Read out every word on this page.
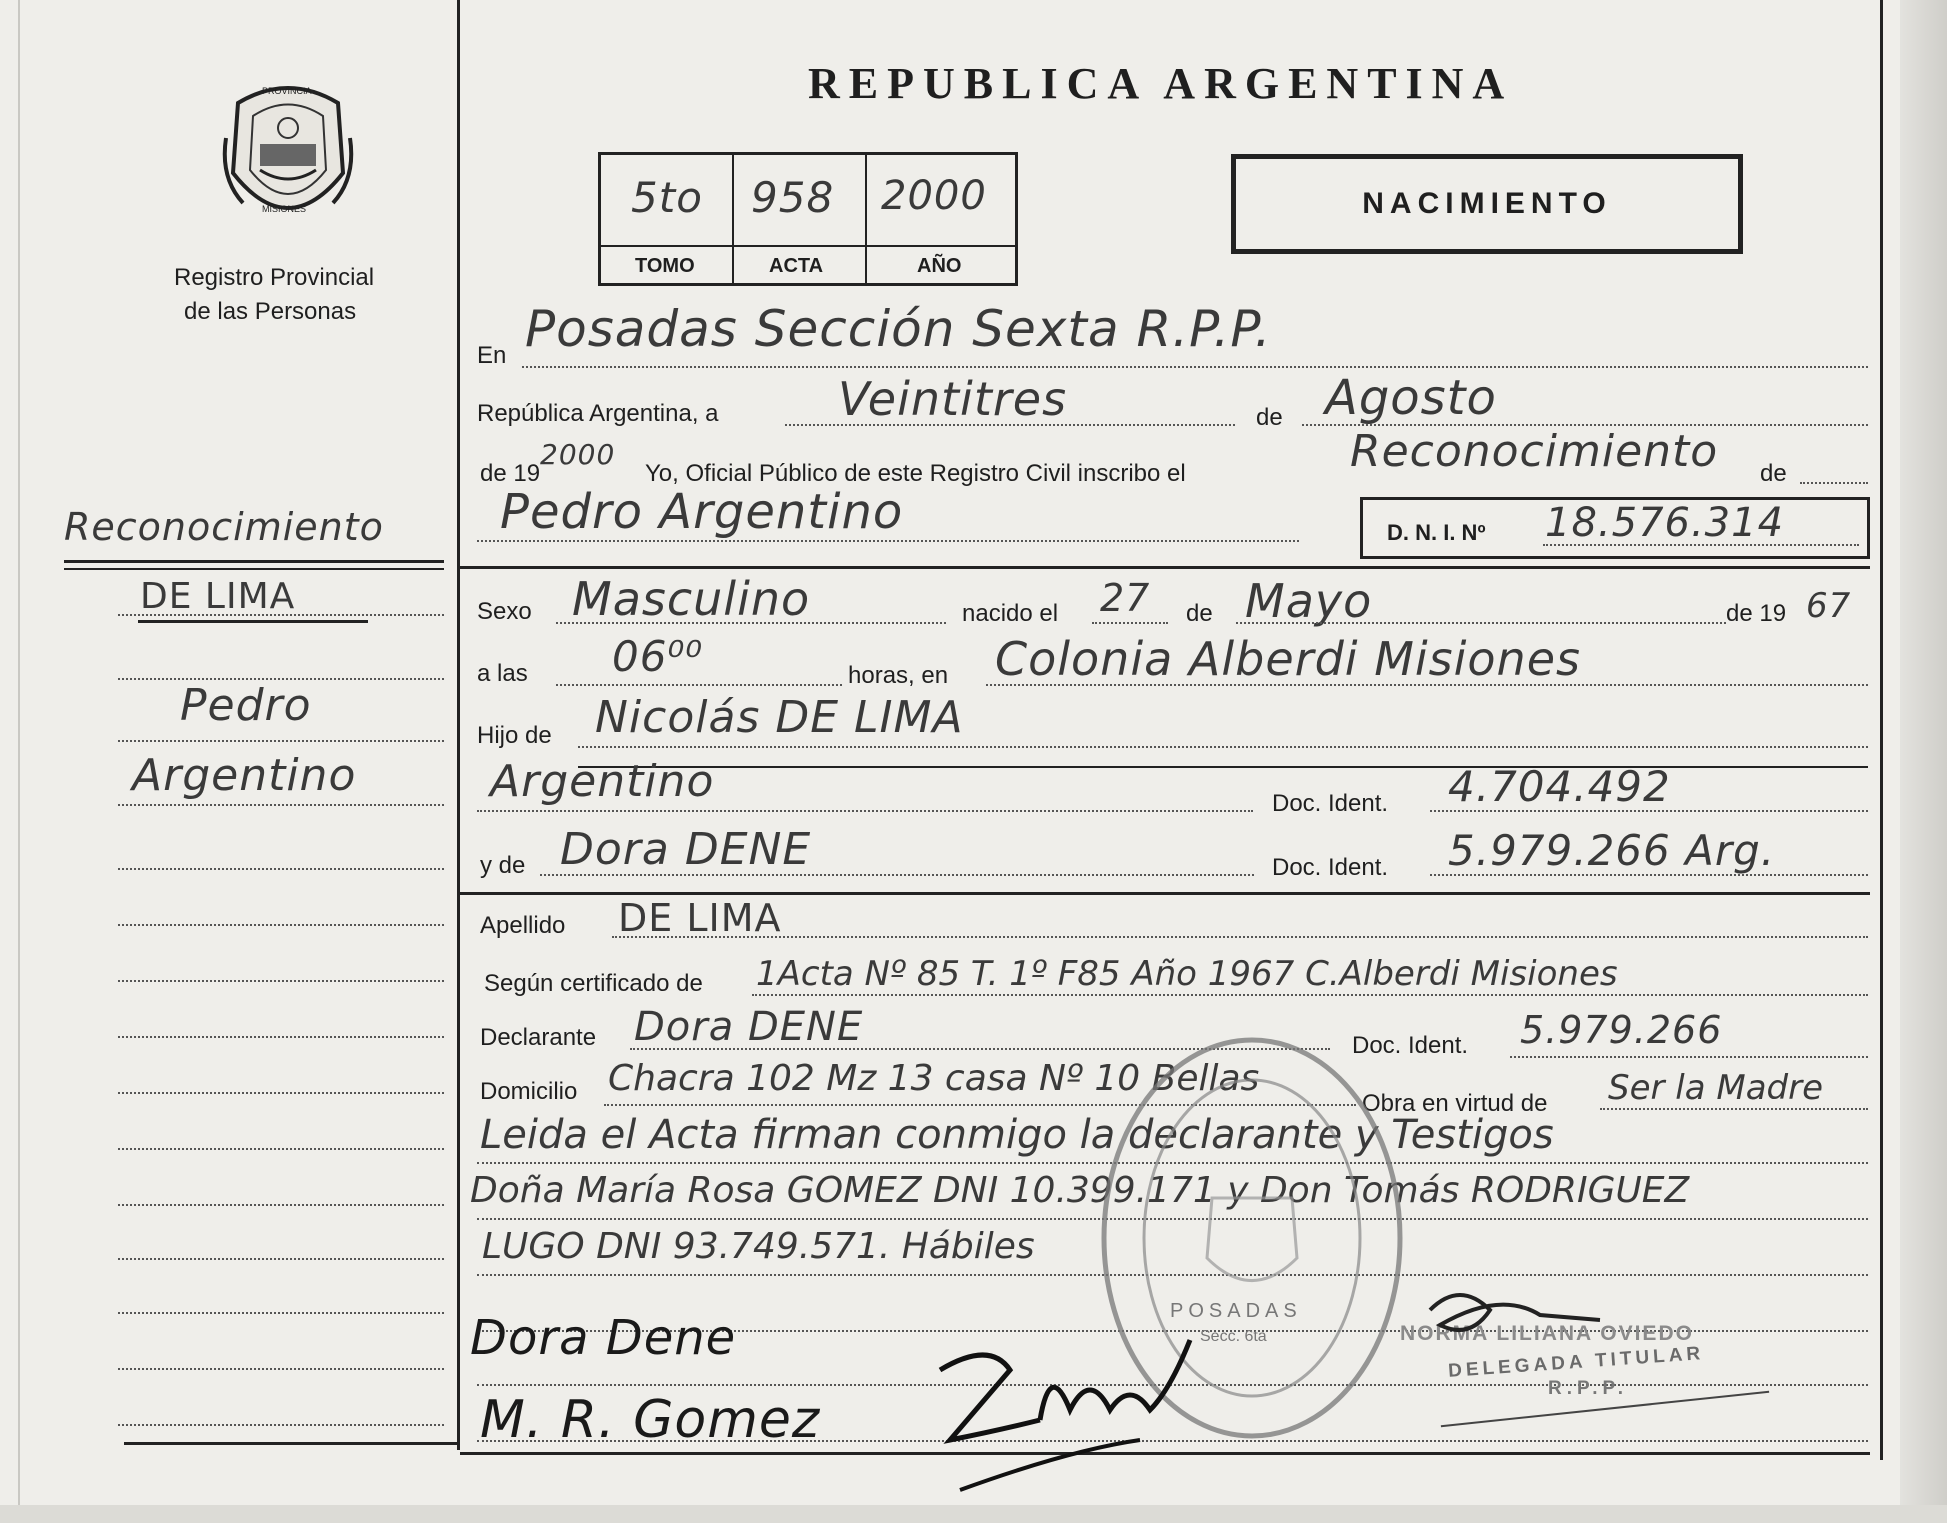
PROVINCIA
MISIONES
Registro Provincial
de las Personas
REPUBLICA ARGENTINA
5to 958 2000
TOMO	ACTA	AÑO
NACIMIENTO
Reconocimiento
DE LIMA
Pedro
Argentino
En Posadas Sección Sexta R.P.P.
República Argentina, a	Veintitres	de Agosto
de 19
2000
Yo, Oficial Público de este Registro Civil inscribo el	Reconocimiento de
Pedro Argentino	D. N. I. Nº 18.576.314
Sexo Masculino	nacido el 27 de Mayo	de 19 67
a las 06⁰⁰	horas, en Colonia Alberdi Misiones
Hijo de Nicolás DE LIMA
Argentino	Doc. Ident. 4.704.492
y de Dora DENE	Doc. Ident. 5.979.266 Arg.
Apellido DE LIMA
Según certificado de 1Acta Nº 85 T. 1º F85 Año 1967 C.Alberdi Misiones
Declarante Dora DENE	Doc. Ident. 5.979.266
Domicilio Chacra 102 Mz 13 casa Nº 10 Bellas
Obra en virtud de Ser la Madre
Leida el Acta firman conmigo la declarante y Testigos
Doña María Rosa GOMEZ DNI 10.399.171 y Don Tomás RODRIGUEZ
LUGO DNI 93.749.571. Hábiles
POSADAS
Secc. 6ta	NORMA LILIANA OVIEDO
DELEGADA TITULAR
R.P.P.
Dora Dene
M. R. Gomez
